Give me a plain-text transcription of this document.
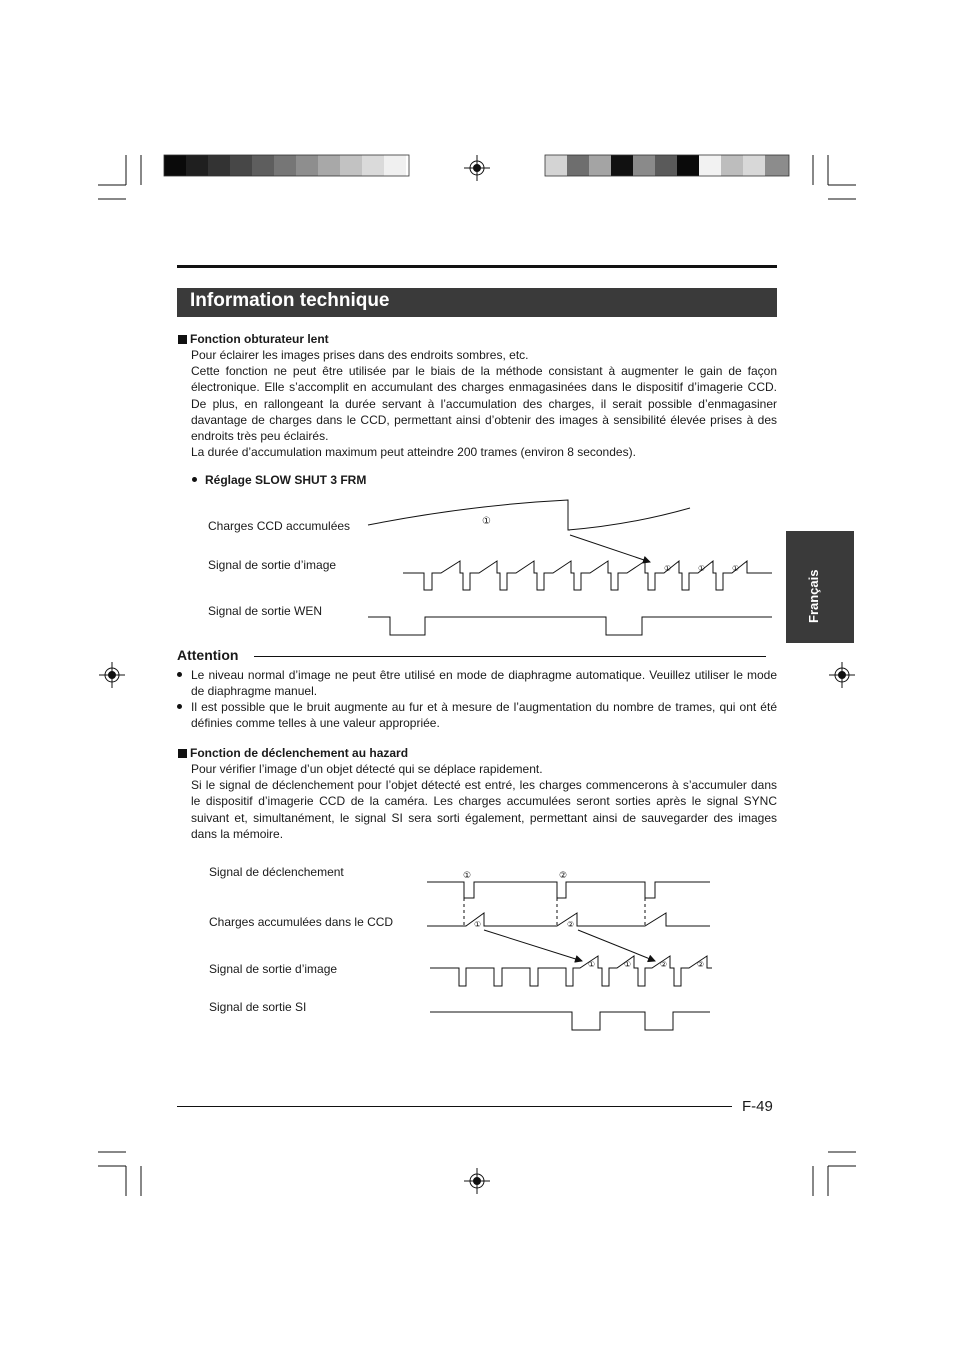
Information technique
Français
Fonction obturateur lent

Pour éclairer les images prises dans des endroits sombres, etc.

Cette fonction ne peut être utilisée par le biais de la méthode consistant à augmenter le gain de façon électronique. Elle s’accomplit en accumulant des charges enmagasinées dans le dispositif d’imagerie CCD. De plus, en rallongeant la durée servant à l’accumulation des charges, il serait possible d’enmagasiner davantage de charges dans le CCD, permettant ainsi d’obtenir des images à sensibilité élevée prises à des endroits très peu éclairés.

La durée d’accumulation maximum peut atteindre 200 trames (environ 8 secondes).

Réglage SLOW SHUT 3 FRM
Charges CCD accumulées
Signal de sortie d’image
Signal de sortie WEN
①
①	①	①
Attention
Le niveau normal d’image ne peut être utilisé en mode de diaphragme automatique. Veuillez utiliser le mode de diaphragme manuel.
Il est possible que le bruit augmente au fur et à mesure de l’augmentation du nombre de trames, qui ont été définies comme telles à une valeur appropriée.
Fonction de déclenchement au hazard

Pour vérifier l’image d’un objet détecté qui se déplace rapidement.

Si le signal de déclenchement pour l’objet détecté est entré, les charges commencerons à s’accumuler dans le dispositif d’imagerie CCD de la caméra. Les charges accumulées seront sorties après le signal SYNC suivant et, simultanément, le signal SI sera sorti également, permettant ainsi de sauvegarder des images dans la mémoire.

Signal de déclenchement
Charges accumulées dans le CCD
Signal de sortie d’image
Signal de sortie SI
①	②
①	②
①	①	②	②
F-49
